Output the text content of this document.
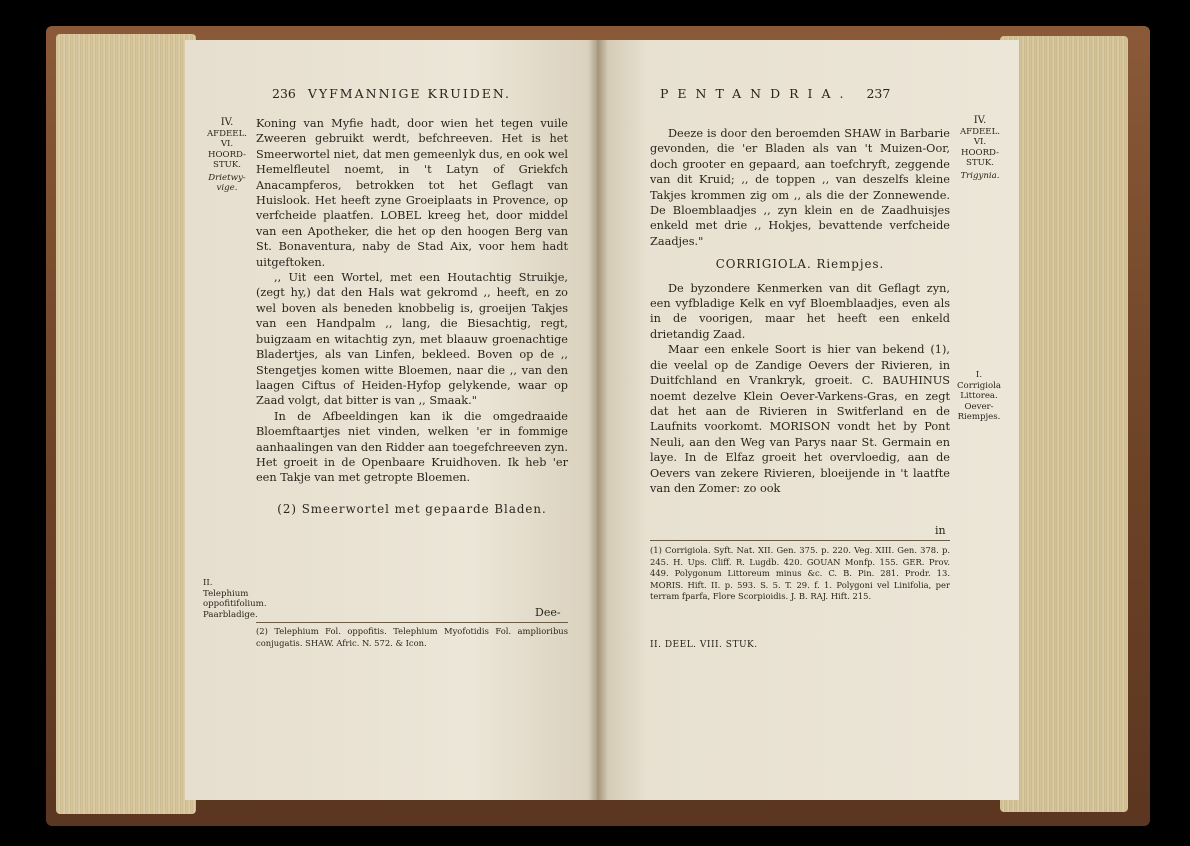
236 VYFMANNIGE KRUIDEN.
IV.
AFDEEL.
VI.
HOORD-
STUK.
Drietwy-vige.

Koning van Myfie hadt, door wien het tegen vuile Zweeren gebruikt werdt, befchreeven. Het is het Smeerwortel niet, dat men gemeenlyk dus, en ook wel Hemelfleutel noemt, in 't Latyn of Griekfch Anacampferos, betrokken tot het Geflagt van Huislook. Het heeft zyne Groeiplaats in Provence, op verfcheide plaatfen. LOBEL kreeg het, door middel van een Apotheker, die het op den hoogen Berg van St. Bonaventura, naby de Stad Aix, voor hem hadt uitgeftoken.

,, Uit een Wortel, met een Houtachtig Struikje, (zegt hy,) dat den Hals wat gekromd ,, heeft, en zo wel boven als beneden knobbelig is, groeijen Takjes van een Handpalm ,, lang, die Biesachtig, regt, buigzaam en witachtig zyn, met blaauw groenachtige Bladertjes, als van Linfen, bekleed. Boven op de ,, Stengetjes komen witte Bloemen, naar die ,, van den laagen Ciftus of Heiden-Hyfop gelykende, waar op Zaad volgt, dat bitter is van ,, Smaak."

In de Afbeeldingen kan ik die omgedraaide Bloemftaartjes niet vinden, welken 'er in fommige aanhaalingen van den Ridder aan toegefchreeven zyn. Het groeit in de Openbaare Kruidhoven. Ik heb 'er een Takje van met getropte Bloemen.

(2) Smeerwortel met gepaarde Bladen.

II. Telephium oppofitifolium. Paarbladige.	Dee-
(2) Telephium Fol. oppofitis. Telephium Myofotidis Fol. amplioribus conjugatis. SHAW. Afric. N. 572. & Icon.
PENTANDRIA. 237

Deeze is door den beroemden SHAW in Barbarie gevonden, die 'er Bladen als van 't Muizen-Oor, doch grooter en gepaard, aan toefchryft, zeggende van dit Kruid; ,, de toppen ,, van deszelfs kleine Takjes krommen zig om ,, als die der Zonnewende. De Bloemblaadjes ,, zyn klein en de Zaadhuisjes enkeld met drie ,, Hokjes, bevattende verfcheide Zaadjes."

CORRIGIOLA. Riempjes.

De byzondere Kenmerken van dit Geflagt zyn, een vyfbladige Kelk en vyf Bloemblaadjes, even als in de voorigen, maar het heeft een enkeld drietandig Zaad.

Maar een enkele Soort is hier van bekend (1), die veelal op de Zandige Oevers der Rivieren, in Duitfchland en Vrankryk, groeit. C. BAUHINUS noemt dezelve Klein Oever-Varkens-Gras, en zegt dat het aan de Rivieren in Switferland en de Laufnits voorkomt. MORISON vondt het by Pont Neuli, aan den Weg van Parys naar St. Germain en laye. In de Elfaz groeit het overvloedig, aan de Oevers van zekere Rivieren, bloeijende in 't laatfte van den Zomer: zo ook

IV.
AFDEEL.
VI.
HOORD-
STUK.
Trigynia.
I. Corrigiola Littorea. Oever-Riempjes.
in
(1) Corrigiola. Syft. Nat. XII. Gen. 375. p. 220. Veg. XIII. Gen. 378. p. 245. H. Ups. Cliff. R. Lugdb. 420. GOUAN Monfp. 155. GER. Prov. 449. Polygonum Littoreum minus &c. C. B. Pin. 281. Prodr. 13. MORIS. Hift. II. p. 593. S. 5. T. 29. f. 1. Polygoni vel Linifolia, per terram fparfa, Flore Scorpioidis. J. B. RAJ. Hift. 215.
II. DEEL. VIII. STUK.
